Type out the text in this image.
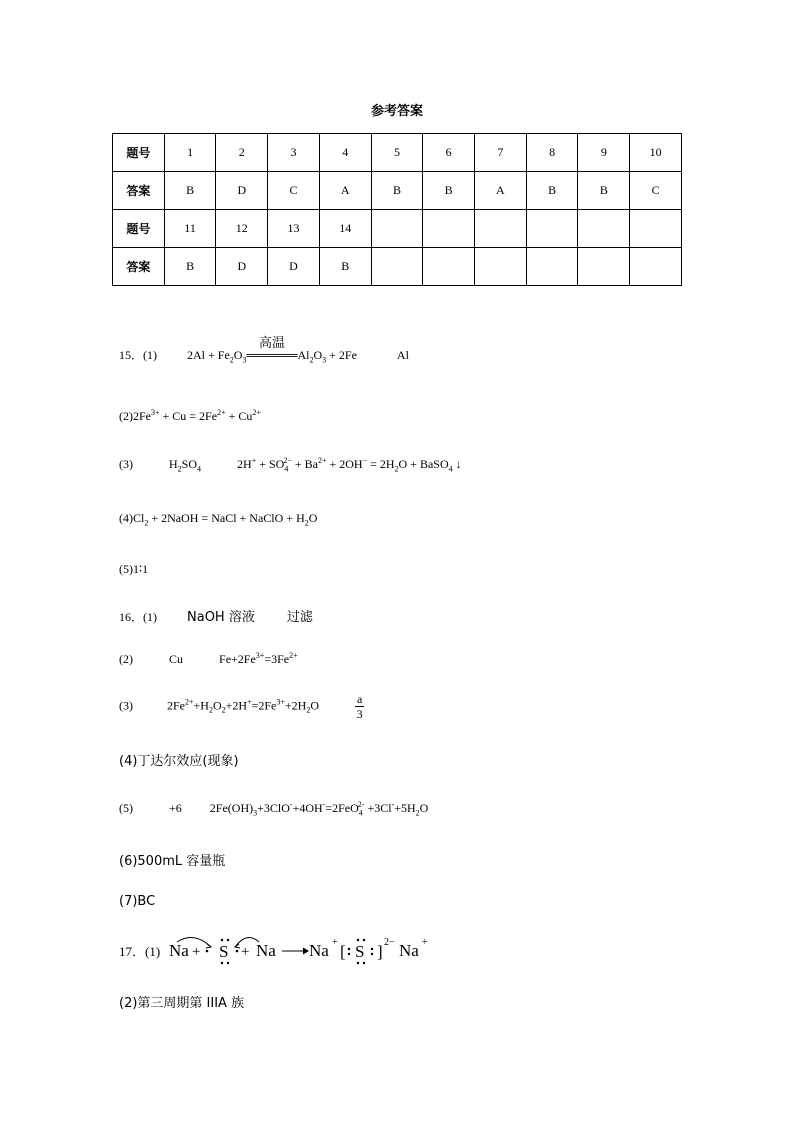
参考答案
题号	1	2	3	4	5	6	7	8	9	10
答案	B	D	C	A	B	B	A	B	B	C
题号	11	12	13	14						
答案	B	D	D	B						
15．(1)	$2Al + Fe_2O_3$
高温
$══════Al_2O_3 + 2Fe$	Al
$(2)2Fe^{3+} + Cu = 2Fe^{2+} + Cu^{2+}$
(3)	$H_2SO_4$	$2H^+ + SO_4^{2-} + Ba^{2+} + 2OH^- = 2H_2O$ + BaSO$_4$ ↓
$(4)Cl_2$ + 2NaOH = NaCl + NaClO + $H_2O$
(5)1∶1
16．(1) NaOH 溶液 过滤
(2)	Cu	$Fe+2Fe^{3+}=3Fe^{2+}$
(3)	$2Fe^{2+}+H_2O_2+2H^+=2Fe^{3+}+2H_2O$	$\frac{a}{3}$
(4)丁达尔效应(现象)
(5)	+6 $2Fe(OH)_3+3ClO^-+4OH^-=2FeO_4^{2-} +3Cl^-+5H_2O$
(6)500mL 容量瓶
(7)BC
17．(1) Na + S + Na Na + [ S ] 2− Na +
(2)第三周期第 IIIA 族
